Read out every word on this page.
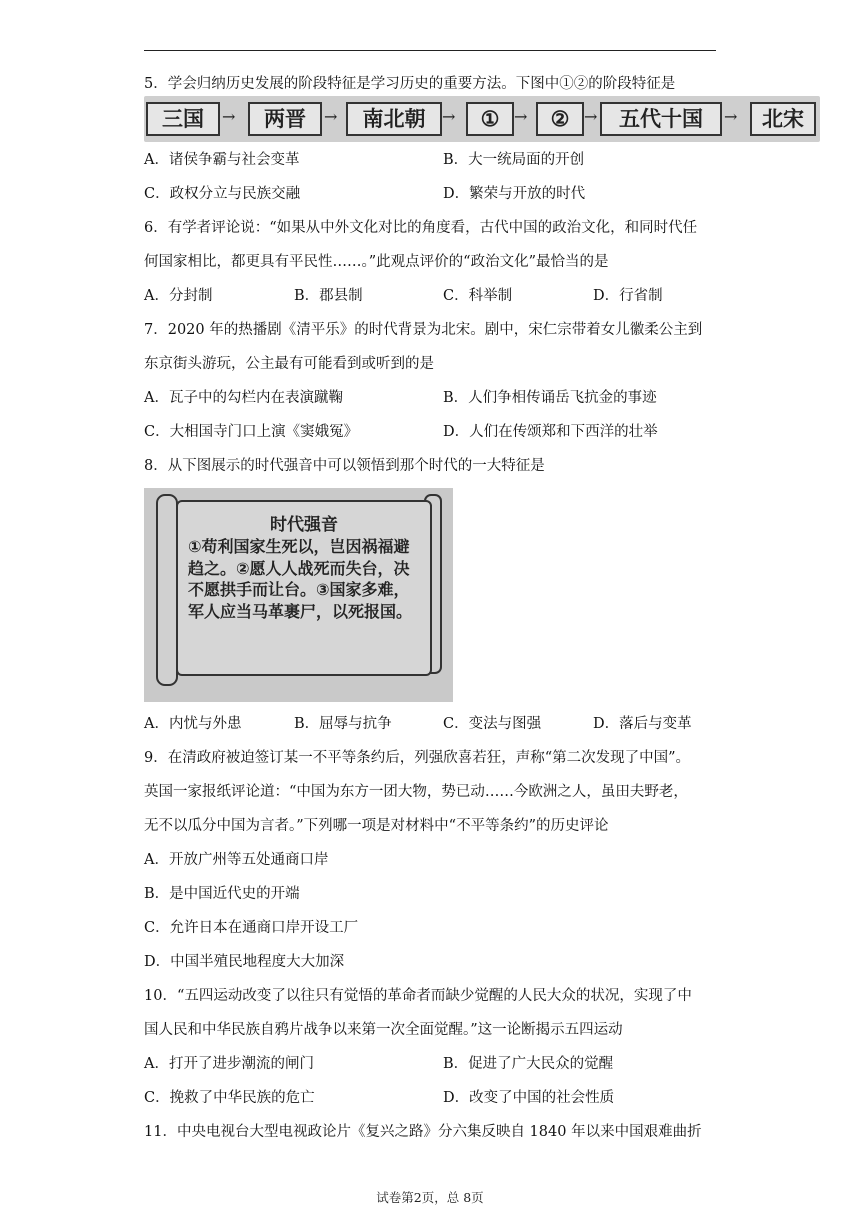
5．学会归纳历史发展的阶段特征是学习历史的重要方法。下图中①②的阶段特征是
三国	→	两晋	→	南北朝	→	① →	② →	五代十国	→	北宋
A．诸侯争霸与社会变革	B．大一统局面的开创
C．政权分立与民族交融	D．繁荣与开放的时代
6．有学者评论说：“如果从中外文化对比的角度看，古代中国的政治文化，和同时代任
何国家相比，都更具有平民性……。”此观点评价的“政治文化”最恰当的是
A．分封制	B．郡县制	C．科举制	D．行省制
7．2020 年的热播剧《清平乐》的时代背景为北宋。剧中，宋仁宗带着女儿徽柔公主到
东京街头游玩，公主最有可能看到或听到的是
A．瓦子中的勾栏内在表演蹴鞠	B．人们争相传诵岳飞抗金的事迹
C．大相国寺门口上演《窦娥冤》	D．人们在传颂郑和下西洋的壮举
8．从下图展示的时代强音中可以领悟到那个时代的一大特征是
时代强音
①苟利国家生死以，岂因祸福避趋之。②愿人人战死而失台，决不愿拱手而让台。③国家多难，军人应当马革裹尸，以死报国。
A．内忧与外患	B．屈辱与抗争	C．变法与图强	D．落后与变革
9．在清政府被迫签订某一不平等条约后，列强欣喜若狂，声称“第二次发现了中国”。
英国一家报纸评论道：“中国为东方一团大物，势已动……今欧洲之人，虽田夫野老，
无不以瓜分中国为言者。”下列哪一项是对材料中“不平等条约”的历史评论
A．开放广州等五处通商口岸
B．是中国近代史的开端
C．允许日本在通商口岸开设工厂
D．中国半殖民地程度大大加深
10．“五四运动改变了以往只有觉悟的革命者而缺少觉醒的人民大众的状况，实现了中
国人民和中华民族自鸦片战争以来第一次全面觉醒。”这一论断揭示五四运动
A．打开了进步潮流的闸门	B．促进了广大民众的觉醒
C．挽救了中华民族的危亡	D．改变了中国的社会性质
11．中央电视台大型电视政论片《复兴之路》分六集反映自 1840 年以来中国艰难曲折
试卷第2页，总 8页
